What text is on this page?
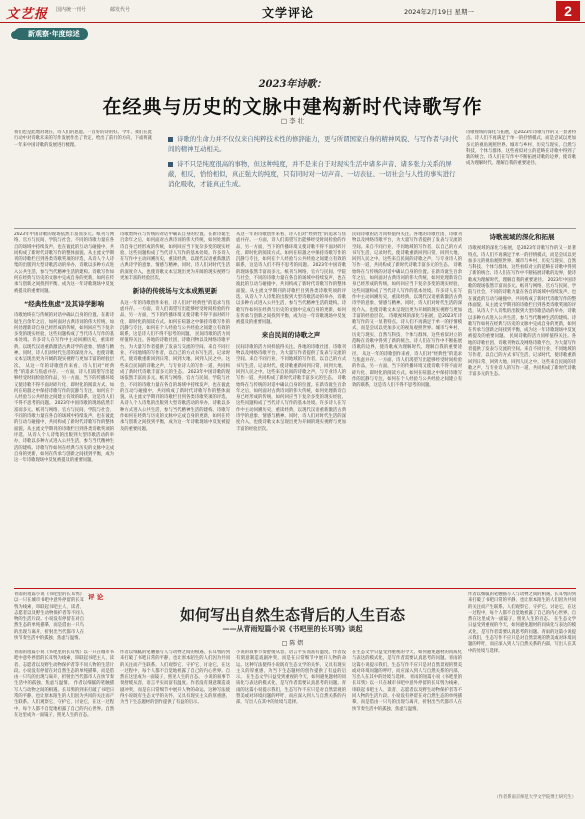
文艺报 国内统一刊号	邮发代号	文学评论	2024年2月19日 星期一	2
新观察·年度综述
2023年诗歌：
在经典与历史的文脉中建构新时代诗歌写作
□ 李 壮

诗歌的生命力并不仅仅来自纯粹技术性的修辞能力，更与所谓国家自身的精神风貌、与写作者与时代间的精神互动相关。

诗不只是纯度很高的事物，但这种纯度，并不是来自于对现实生活中诸多声音、诸多张力关系的屏蔽，相反，恰恰相似，真正强大的纯度，只有同时对一切声音、一切表征、一切社会与人性的事实进行消化吸收，才能真正生成。

我们也是此地对现在，诗人们的思虑。一首好的诗的好。今年，我们在此行动中对诗歌未来的写作发展作出了肯定，给出了前行的方向，下面将就一年来中国诗歌的发展进行梳理。
诗歌视域的深化与拓展，是2023年诗歌写作的又一显著特点。诗人们不再满足于单一的抒情模式，而是尝试以更加多元的视角观照世界。城市与乡村、历史与现实、自然与科技、个体与群体，这些看似对立的范畴在诗歌中得到了新的统合。诗人们在写作中不断拓展诗歌的边界，使诗歌成为理解时代、理解自我的重要途径。
2023年中国诗歌的现场依然丰富而多元。纸刊与网络、官方与民间、学院与社会，不同的诗歌力量在各自的场域中持续发声，也在彼此的互动与碰撞中，共同构成了新时代诗歌写作的整体面貌。从主流文学期刊的诗歌栏目到各类诗歌奖项的评选，从诗人个人诗集的出版到大型诗歌活动的举办，诗歌以多种方式进入公共生活，参与当代精神生活的建构。诗歌写作如何在经典与历史的文脉中完成自身的更新，如何在传承与创新之间找到平衡，成为这一年诗歌现场中反复被提及的重要问题。
“经典性焦虑”及其诗学影响
诗歌始终在与传统的对话中确认自身的位置。在新诗诞生百余年之后，如何面对古典诗词的伟大传统，如何处理新诗自身已经形成的传统，如何回应当下复杂多变的现实经验，这些问题构成了当代诗人写作的基本处境。许多诗人在写作中主动回溯历史，重读经典，以现代汉语重新激活古典诗学的意象、情感与精神。同时，诗人们对时代生活的深度介入，也使诗歌文本呈现出更为开阔的现实视野与更加丰富的经验层次。 从这一年的诗歌创作来看，诗人们对“经典性”的追求与焦虑并存。一方面，诗人们渴望写出能够经受时间检验的作品，另一方面，当下的传播环境又使诗歌不得不面对碎片化、即时化的阅读方式。如何在喧嚣之中保持诗歌写作的沉静与专注，如何在个人经验与公共经验之间建立有效的联系，这是诗人们不得不思考的问题。 2023年中国诗歌的现场依然丰富而多元。纸刊与网络、官方与民间、学院与社会，不同的诗歌力量在各自的场域中持续发声，也在彼此的互动与碰撞中，共同构成了新时代诗歌写作的整体面貌。从主流文学期刊的诗歌栏目到各类诗歌奖项的评选，从诗人个人诗集的出版到大型诗歌活动的举办，诗歌以多种方式进入公共生活，参与当代精神生活的建构。诗歌写作如何在经典与历史的文脉中完成自身的更新，如何在传承与创新之间找到平衡，成为这一年诗歌现场中反复被提及的重要问题。
诗歌始终在与传统的对话中确认自身的位置。在新诗诞生百余年之后，如何面对古典诗词的伟大传统，如何处理新诗自身已经形成的传统，如何回应当下复杂多变的现实经验，这些问题构成了当代诗人写作的基本处境。许多诗人在写作中主动回溯历史，重读经典，以现代汉语重新激活古典诗学的意象、情感与精神。同时，诗人们对时代生活的深度介入，也使诗歌文本呈现出更为开阔的现实视野与更加丰富的经验层次。
新诗的传统场与文本成熟更新
从这一年的诗歌创作来看，诗人们对“经典性”的追求与焦虑并存。一方面，诗人们渴望写出能够经受时间检验的作品，另一方面，当下的传播环境又使诗歌不得不面对碎片化、即时化的阅读方式。如何在喧嚣之中保持诗歌写作的沉静与专注，如何在个人经验与公共经验之间建立有效的联系，这是诗人们不得不思考的问题。 民间诗歌的活力同样值得关注。各地的诗歌社团、诗歌刊物以及网络诗歌平台，为大量写作者提供了发表与交流的空间。来自不同行业、不同地域的写作者，以自己的方式书写生活，记录时代，使诗歌重新回到日常、回到大地、回到人民之中。这些来自民间的诗歌之声，与专业诗人的写作一道，共同构成了新时代诗歌丰富多元的生态。 2023年中国诗歌的现场依然丰富而多元。纸刊与网络、官方与民间、学院与社会，不同的诗歌力量在各自的场域中持续发声，也在彼此的互动与碰撞中，共同构成了新时代诗歌写作的整体面貌。从主流文学期刊的诗歌栏目到各类诗歌奖项的评选，从诗人个人诗集的出版到大型诗歌活动的举办，诗歌以多种方式进入公共生活，参与当代精神生活的建构。诗歌写作如何在经典与历史的文脉中完成自身的更新，如何在传承与创新之间找到平衡，成为这一年诗歌现场中反复被提及的重要问题。
从这一年的诗歌创作来看，诗人们对“经典性”的追求与焦虑并存。一方面，诗人们渴望写出能够经受时间检验的作品，另一方面，当下的传播环境又使诗歌不得不面对碎片化、即时化的阅读方式。如何在喧嚣之中保持诗歌写作的沉静与专注，如何在个人经验与公共经验之间建立有效的联系，这是诗人们不得不思考的问题。 2023年中国诗歌的现场依然丰富而多元。纸刊与网络、官方与民间、学院与社会，不同的诗歌力量在各自的场域中持续发声，也在彼此的互动与碰撞中，共同构成了新时代诗歌写作的整体面貌。从主流文学期刊的诗歌栏目到各类诗歌奖项的评选，从诗人个人诗集的出版到大型诗歌活动的举办，诗歌以多种方式进入公共生活，参与当代精神生活的建构。诗歌写作如何在经典与历史的文脉中完成自身的更新，如何在传承与创新之间找到平衡，成为这一年诗歌现场中反复被提及的重要问题。
来自民间的诗歌之声
民间诗歌的活力同样值得关注。各地的诗歌社团、诗歌刊物以及网络诗歌平台，为大量写作者提供了发表与交流的空间。来自不同行业、不同地域的写作者，以自己的方式书写生活，记录时代，使诗歌重新回到日常、回到大地、回到人民之中。这些来自民间的诗歌之声，与专业诗人的写作一道，共同构成了新时代诗歌丰富多元的生态。 诗歌始终在与传统的对话中确认自身的位置。在新诗诞生百余年之后，如何面对古典诗词的伟大传统，如何处理新诗自身已经形成的传统，如何回应当下复杂多变的现实经验，这些问题构成了当代诗人写作的基本处境。许多诗人在写作中主动回溯历史，重读经典，以现代汉语重新激活古典诗学的意象、情感与精神。同时，诗人们对时代生活的深度介入，也使诗歌文本呈现出更为开阔的现实视野与更加丰富的经验层次。
民间诗歌的活力同样值得关注。各地的诗歌社团、诗歌刊物以及网络诗歌平台，为大量写作者提供了发表与交流的空间。来自不同行业、不同地域的写作者，以自己的方式书写生活，记录时代，使诗歌重新回到日常、回到大地、回到人民之中。这些来自民间的诗歌之声，与专业诗人的写作一道，共同构成了新时代诗歌丰富多元的生态。 诗歌始终在与传统的对话中确认自身的位置。在新诗诞生百余年之后，如何面对古典诗词的伟大传统，如何处理新诗自身已经形成的传统，如何回应当下复杂多变的现实经验，这些问题构成了当代诗人写作的基本处境。许多诗人在写作中主动回溯历史，重读经典，以现代汉语重新激活古典诗学的意象、情感与精神。同时，诗人们对时代生活的深度介入，也使诗歌文本呈现出更为开阔的现实视野与更加丰富的经验层次。 诗歌视域的深化与拓展，是2023年诗歌写作的又一显著特点。诗人们不再满足于单一的抒情模式，而是尝试以更加多元的视角观照世界。城市与乡村、历史与现实、自然与科技、个体与群体，这些看似对立的范畴在诗歌中得到了新的统合。诗人们在写作中不断拓展诗歌的边界，使诗歌成为理解时代、理解自我的重要途径。 从这一年的诗歌创作来看，诗人们对“经典性”的追求与焦虑并存。一方面，诗人们渴望写出能够经受时间检验的作品，另一方面，当下的传播环境又使诗歌不得不面对碎片化、即时化的阅读方式。如何在喧嚣之中保持诗歌写作的沉静与专注，如何在个人经验与公共经验之间建立有效的联系，这是诗人们不得不思考的问题。
诗歌视域的深化和拓展
诗歌视域的深化与拓展，是2023年诗歌写作的又一显著特点。诗人们不再满足于单一的抒情模式，而是尝试以更加多元的视角观照世界。城市与乡村、历史与现实、自然与科技、个体与群体，这些看似对立的范畴在诗歌中得到了新的统合。诗人们在写作中不断拓展诗歌的边界，使诗歌成为理解时代、理解自我的重要途径。 2023年中国诗歌的现场依然丰富而多元。纸刊与网络、官方与民间、学院与社会，不同的诗歌力量在各自的场域中持续发声，也在彼此的互动与碰撞中，共同构成了新时代诗歌写作的整体面貌。从主流文学期刊的诗歌栏目到各类诗歌奖项的评选，从诗人个人诗集的出版到大型诗歌活动的举办，诗歌以多种方式进入公共生活，参与当代精神生活的建构。诗歌写作如何在经典与历史的文脉中完成自身的更新，如何在传承与创新之间找到平衡，成为这一年诗歌现场中反复被提及的重要问题。 民间诗歌的活力同样值得关注。各地的诗歌社团、诗歌刊物以及网络诗歌平台，为大量写作者提供了发表与交流的空间。来自不同行业、不同地域的写作者，以自己的方式书写生活，记录时代，使诗歌重新回到日常、回到大地、回到人民之中。这些来自民间的诗歌之声，与专业诗人的写作一道，共同构成了新时代诗歌丰富多元的生态。
青雨的短篇小说《书吧里的长耳鸮》以一只在城市书吧中意外停留的长耳鸮为线索，串联起书吧主人、读者、志愿者以及野生动物保护者等不同人物的生活片段。小说没有停留在对自然生态的单纯描摹，而是借由一只鸟的出现与离开，折射出当代都市人在快节奏生活中的孤独、焦虑与温情。
评 论
如何写出自然生态背后的人生百态
——从青雨短篇小说《书吧里的长耳鸮》谈起
□ 陈 熠
青雨的短篇小说《书吧里的长耳鸮》以一只在城市书吧中意外停留的长耳鸮为线索，串联起书吧主人、读者、志愿者以及野生动物保护者等不同人物的生活片段。小说没有停留在对自然生态的单纯描摹，而是借由一只鸟的出现与离开，折射出当代都市人在快节奏生活中的孤独、焦虑与温情。 作者以细腻的笔触描写人与动物之间的相遇。长耳鸮的到来打破了书吧日常的平静，也让原本陌生的人们因为共同的关注而产生联系。人们观察它、守护它、讨论它，在这一过程中，每个人都不自觉地袒露了自己的内心世界。自然在这里成为一面镜子，照见人生的百态。
作者以细腻的笔触描写人与动物之间的相遇。长耳鸮的到来打破了书吧日常的平静，也让原本陌生的人们因为共同的关注而产生联系。人们观察它、守护它、讨论它，在这一过程中，每个人都不自觉地袒露了自己的内心世界。自然在这里成为一面镜子，照见人生的百态。 小说的叙事节奏舒缓从容，语言平实而富有温度。作者没有刻意制造戏剧冲突，而是在日常细节中展开人物的命运。这种写法使得小说既有生态文学的关怀，又具有现实主义的厚重感，为当下生态题材的创作提供了有益的启示。
小说的叙事节奏舒缓从容，语言平实而富有温度。作者没有刻意制造戏剧冲突，而是在日常细节中展开人物的命运。这种写法使得小说既有生态文学的关怀，又具有现实主义的厚重感，为当下生态题材的创作提供了有益的启示。 在生态文学日益受到重视的今天，如何避免题材的同质化与表达的模式化，是写作者需要认真思考的问题。青雨的这篇小说提示我们，生态写作不应只是对自然景观的赞美或对环境问题的呼吁，而应深入到人与自然关系的内部，写出人在其中的处境与选择。
在生态文学日益受到重视的今天，如何避免题材的同质化与表达的模式化，是写作者需要认真思考的问题。青雨的这篇小说提示我们，生态写作不应只是对自然景观的赞美或对环境问题的呼吁，而应深入到人与自然关系的内部，写出人在其中的处境与选择。 青雨的短篇小说《书吧里的长耳鸮》以一只在城市书吧中意外停留的长耳鸮为线索，串联起书吧主人、读者、志愿者以及野生动物保护者等不同人物的生活片段。小说没有停留在对自然生态的单纯描摹，而是借由一只鸟的出现与离开，折射出当代都市人在快节奏生活中的孤独、焦虑与温情。
作者以细腻的笔触描写人与动物之间的相遇。长耳鸮的到来打破了书吧日常的平静，也让原本陌生的人们因为共同的关注而产生联系。人们观察它、守护它、讨论它，在这一过程中，每个人都不自觉地袒露了自己的内心世界。自然在这里成为一面镜子，照见人生的百态。 在生态文学日益受到重视的今天，如何避免题材的同质化与表达的模式化，是写作者需要认真思考的问题。青雨的这篇小说提示我们，生态写作不应只是对自然景观的赞美或对环境问题的呼吁，而应深入到人与自然关系的内部，写出人在其中的处境与选择。
（作者系南京师范大学文学院博士研究生）
